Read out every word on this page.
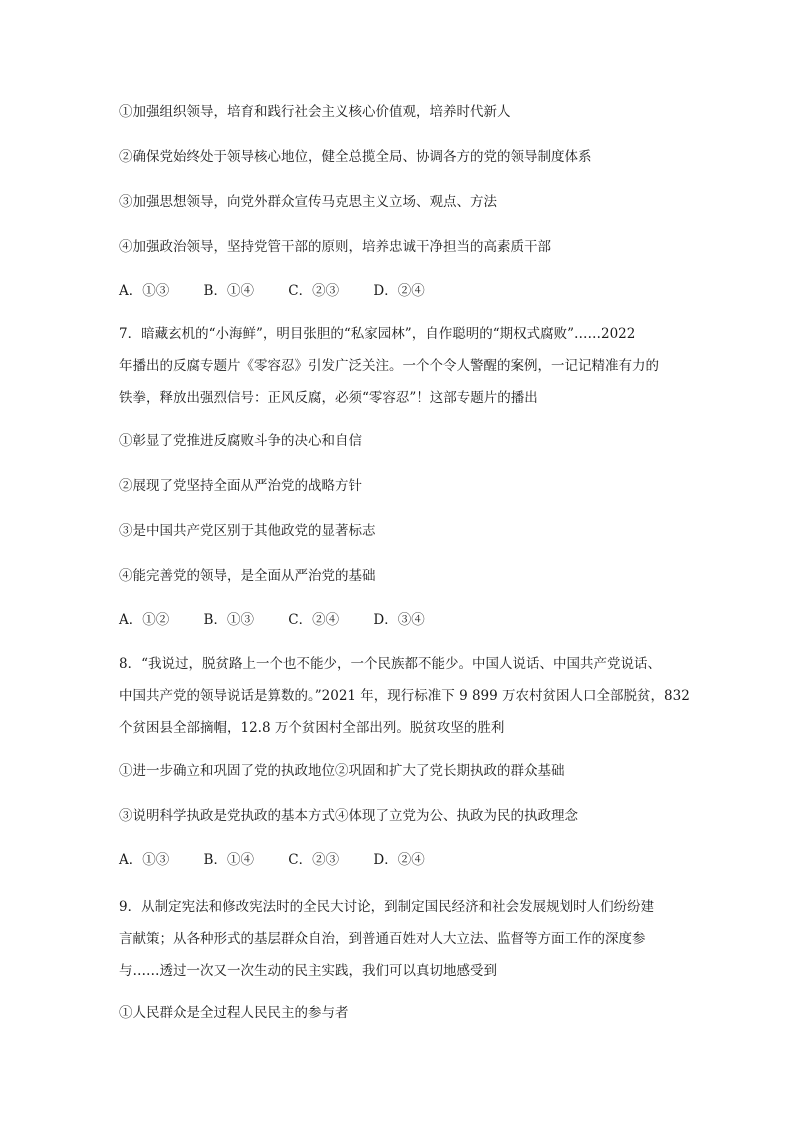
①加强组织领导，培育和践行社会主义核心价值观，培养时代新人
②确保党始终处于领导核心地位，健全总揽全局、协调各方的党的领导制度体系
③加强思想领导，向党外群众宣传马克思主义立场、观点、方法
④加强政治领导，坚持党管干部的原则，培养忠诚干净担当的高素质干部
A．①③	B．①④	C．②③	D．②④
7．暗藏玄机的“小海鲜”，明目张胆的“私家园林”，自作聪明的“期权式腐败”……2022
年播出的反腐专题片《零容忍》引发广泛关注。一个个令人警醒的案例，一记记精准有力的
铁拳，释放出强烈信号：正风反腐，必须“零容忍”！这部专题片的播出
①彰显了党推进反腐败斗争的决心和自信
②展现了党坚持全面从严治党的战略方针
③是中国共产党区别于其他政党的显著标志
④能完善党的领导，是全面从严治党的基础
A．①②	B．①③	C．②④	D．③④
8．“我说过，脱贫路上一个也不能少，一个民族都不能少。中国人说话、中国共产党说话、
中国共产党的领导说话是算数的。”2021 年，现行标准下 9 899 万农村贫困人口全部脱贫，832
个贫困县全部摘帽，12.8 万个贫困村全部出列。脱贫攻坚的胜利
①进一步确立和巩固了党的执政地位②巩固和扩大了党长期执政的群众基础
③说明科学执政是党执政的基本方式④体现了立党为公、执政为民的执政理念
A．①③	B．①④	C．②③	D．②④
9．从制定宪法和修改宪法时的全民大讨论，到制定国民经济和社会发展规划时人们纷纷建
言献策；从各种形式的基层群众自治，到普通百姓对人大立法、监督等方面工作的深度参
与……透过一次又一次生动的民主实践，我们可以真切地感受到
①人民群众是全过程人民民主的参与者
